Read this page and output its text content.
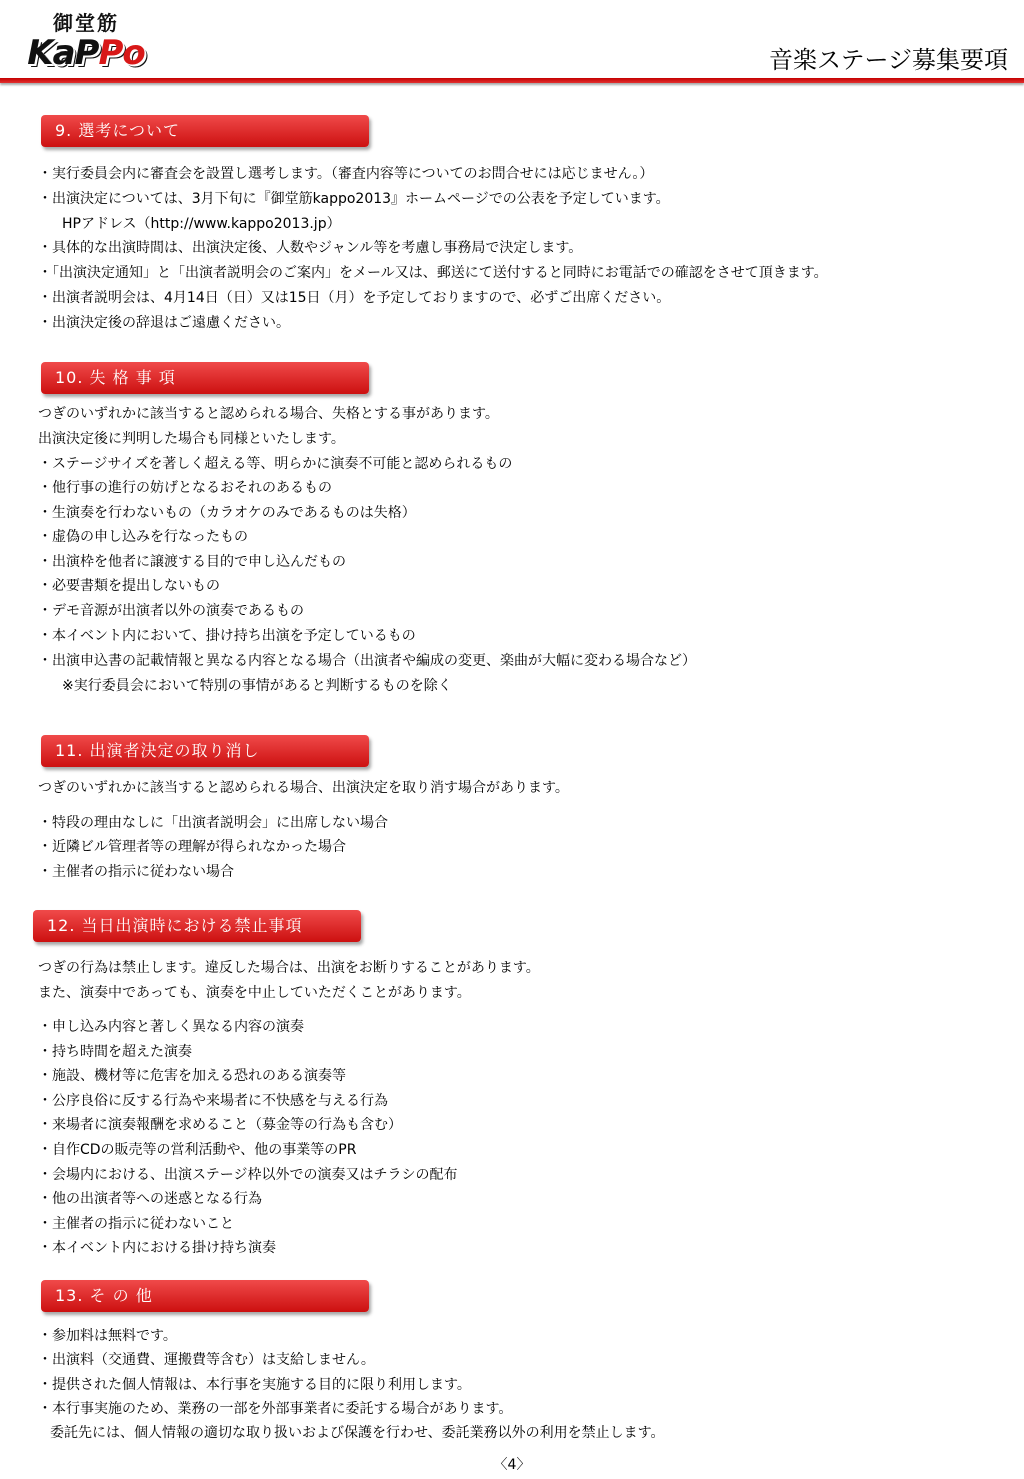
御堂筋
KaPPo	音楽ステージ募集要項
9. 選考について
・実行委員会内に審査会を設置し選考します。（審査内容等についてのお問合せには応じません。）
・出演決定については、3月下旬に『御堂筋kappo2013』ホームページでの公表を予定しています。
HPアドレス（http://www.kappo2013.jp）
・具体的な出演時間は、出演決定後、人数やジャンル等を考慮し事務局で決定します。
・「出演決定通知」と「出演者説明会のご案内」をメール又は、郵送にて送付すると同時にお電話での確認をさせて頂きます。
・出演者説明会は、4月14日（日）又は15日（月）を予定しておりますので、必ずご出席ください。
・出演決定後の辞退はご遠慮ください。
10. 失 格 事 項
つぎのいずれかに該当すると認められる場合、失格とする事があります。
出演決定後に判明した場合も同様といたします。
・ステージサイズを著しく超える等、明らかに演奏不可能と認められるもの
・他行事の進行の妨げとなるおそれのあるもの
・生演奏を行わないもの（カラオケのみであるものは失格）
・虚偽の申し込みを行なったもの
・出演枠を他者に譲渡する目的で申し込んだもの
・必要書類を提出しないもの
・デモ音源が出演者以外の演奏であるもの
・本イベント内において、掛け持ち出演を予定しているもの
・出演申込書の記載情報と異なる内容となる場合（出演者や編成の変更、楽曲が大幅に変わる場合など）
※実行委員会において特別の事情があると判断するものを除く
11. 出演者決定の取り消し
つぎのいずれかに該当すると認められる場合、出演決定を取り消す場合があります。
・特段の理由なしに「出演者説明会」に出席しない場合
・近隣ビル管理者等の理解が得られなかった場合
・主催者の指示に従わない場合
12. 当日出演時における禁止事項
つぎの行為は禁止します。違反した場合は、出演をお断りすることがあります。
また、演奏中であっても、演奏を中止していただくことがあります。
・申し込み内容と著しく異なる内容の演奏
・持ち時間を超えた演奏
・施設、機材等に危害を加える恐れのある演奏等
・公序良俗に反する行為や来場者に不快感を与える行為
・来場者に演奏報酬を求めること（募金等の行為も含む）
・自作CDの販売等の営利活動や、他の事業等のPR
・会場内における、出演ステージ枠以外での演奏又はチラシの配布
・他の出演者等への迷惑となる行為
・主催者の指示に従わないこと
・本イベント内における掛け持ち演奏
13. そ の 他
・参加料は無料です。
・出演料（交通費、運搬費等含む）は支給しません。
・提供された個人情報は、本行事を実施する目的に限り利用します。
・本行事実施のため、業務の一部を外部事業者に委託する場合があります。
委託先には、個人情報の適切な取り扱いおよび保護を行わせ、委託業務以外の利用を禁止します。
〈4〉
